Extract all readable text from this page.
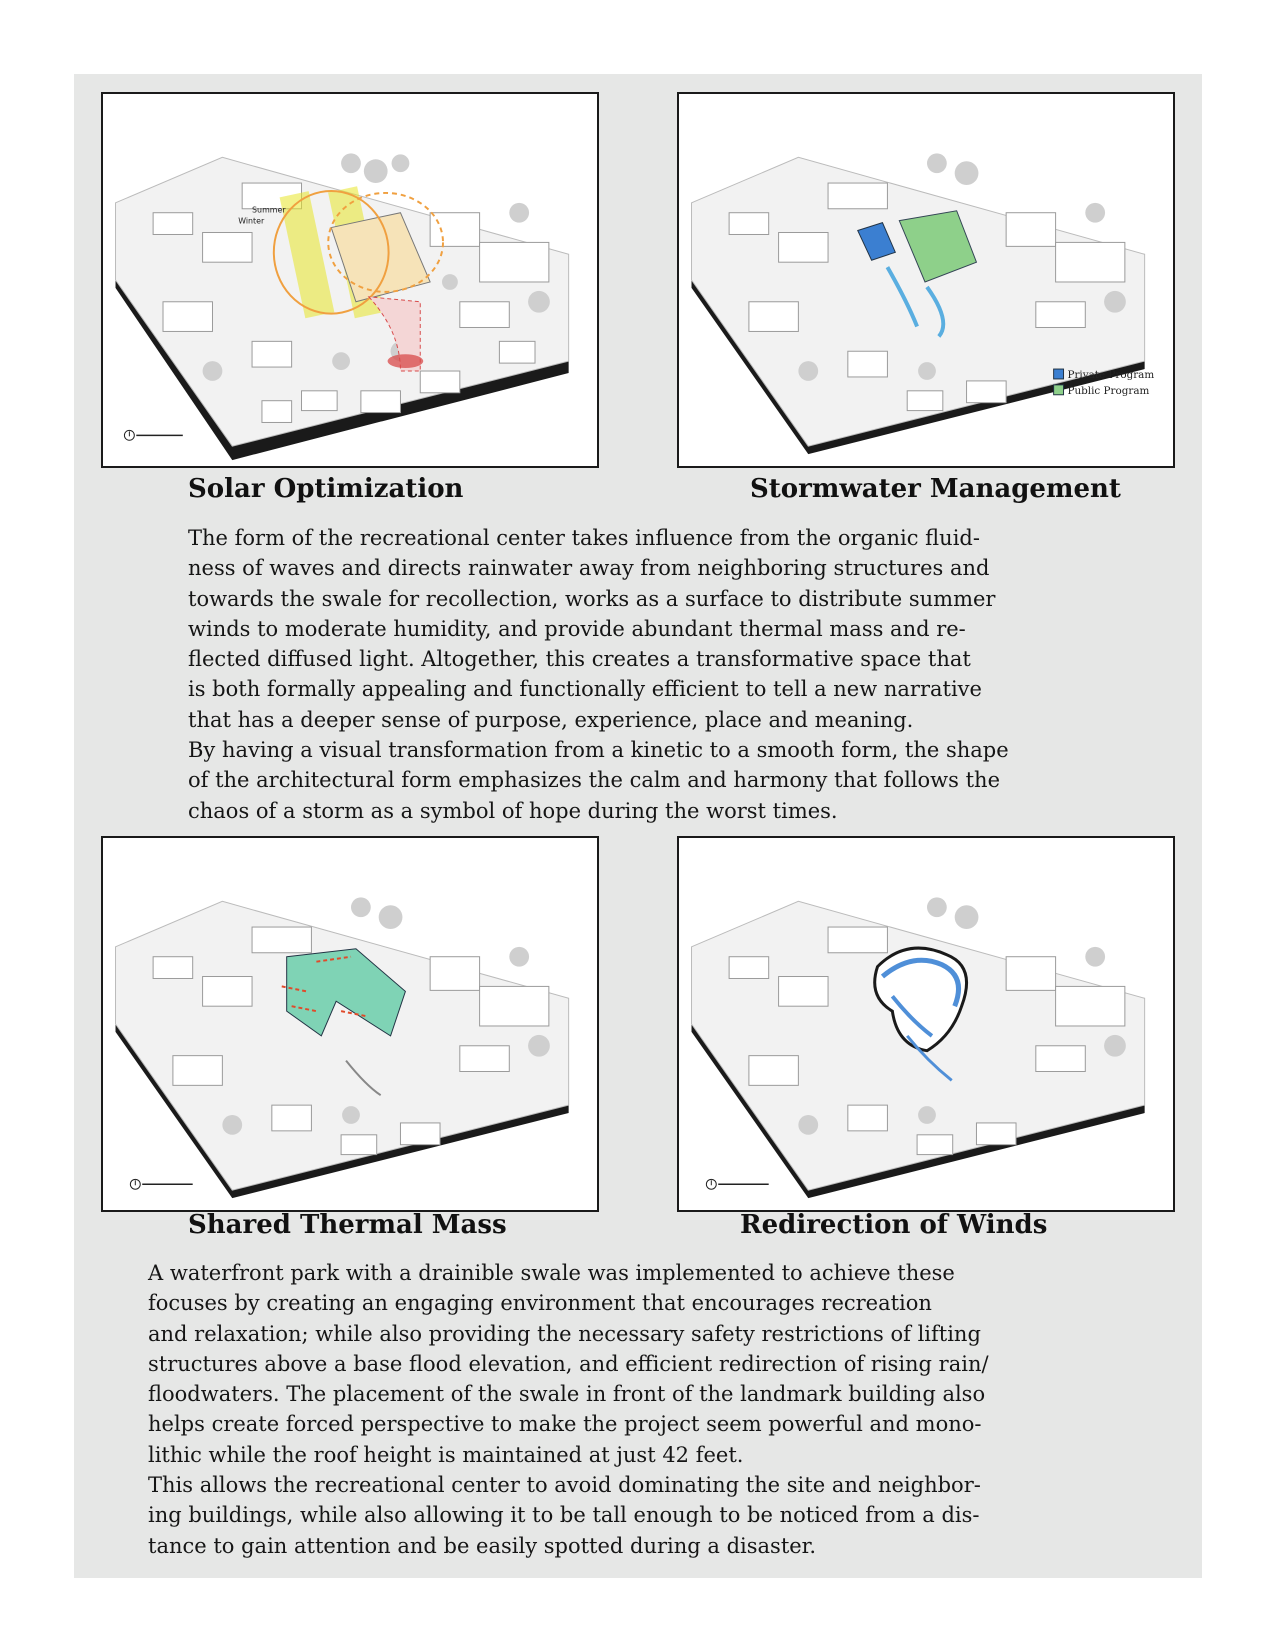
Summer
Winter
Solar Optimization
Private Program
Public Program
Stormwater Management

The form of the recreational center takes influence from the organic fluid-
ness of waves and directs rainwater away from neighboring structures and
towards the swale for recollection, works as a surface to distribute summer
winds to moderate humidity, and provide abundant thermal mass and re-
flected diffused light. Altogether, this creates a transformative space that
is both formally appealing and functionally efficient to tell a new narrative
that has a deeper sense of purpose, experience, place and meaning.
By having a visual transformation from a kinetic to a smooth form, the shape
of the architectural form emphasizes the calm and harmony that follows the
chaos of a storm as a symbol of hope during the worst times.

Shared Thermal Mass	Redirection of Winds

A waterfront park with a drainible swale was implemented to achieve these
focuses by creating an engaging environment that encourages recreation
and relaxation; while also providing the necessary safety restrictions of lifting
structures above a base flood elevation, and efficient redirection of rising rain/
floodwaters. The placement of the swale in front of the landmark building also
helps create forced perspective to make the project seem powerful and mono-
lithic while the roof height is maintained at just 42 feet.
This allows the recreational center to avoid dominating the site and neighbor-
ing buildings, while also allowing it to be tall enough to be noticed from a dis-
tance to gain attention and be easily spotted during a disaster.
